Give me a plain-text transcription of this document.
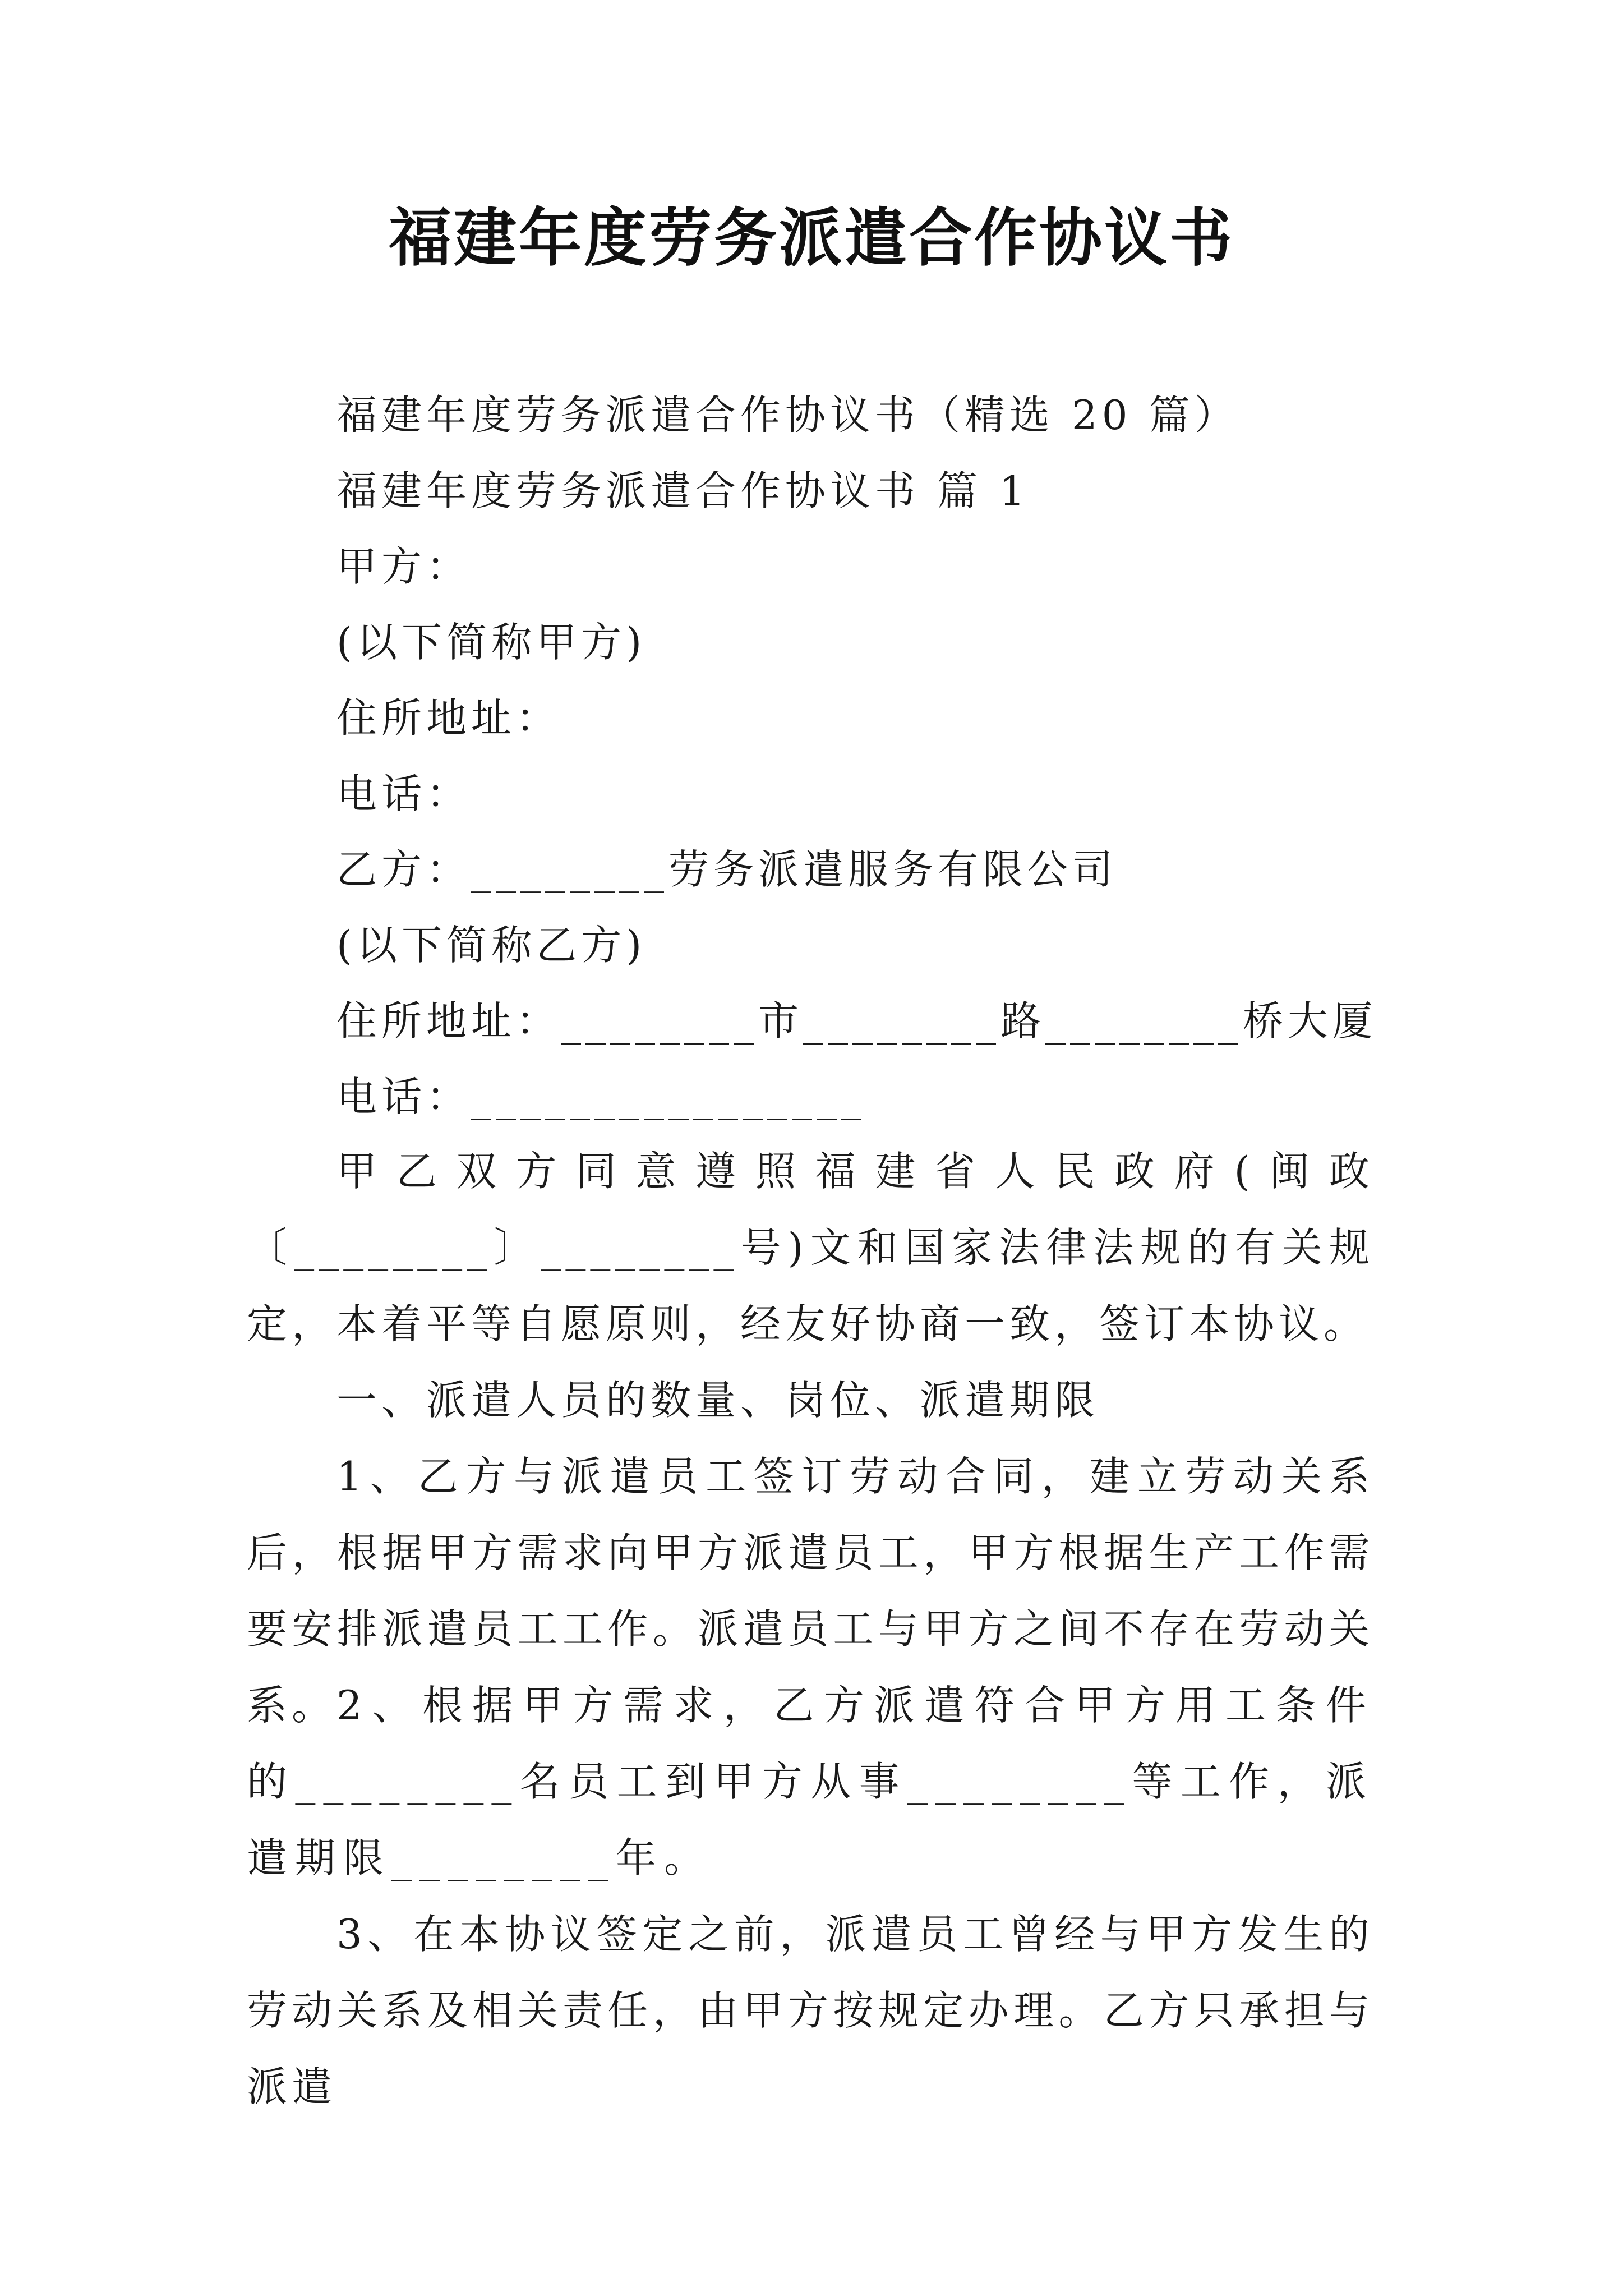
福建年度劳务派遣合作协议书
福建年度劳务派遣合作协议书（精选 20 篇）
福建年度劳务派遣合作协议书 篇 1
甲方：
(以下简称甲方)
住所地址：
电话：
乙方：________劳务派遣服务有限公司
(以下简称乙方)
住所地址：________市________路________桥大厦
电话：________________

甲乙双方同意遵照福建省人民政府(闽政〔________〕________号)文和国家法律法规的有关规定，本着平等自愿原则，经友好协商一致，签订本协议。

一、派遣人员的数量、岗位、派遣期限

1、乙方与派遣员工签订劳动合同，建立劳动关系后，根据甲方需求向甲方派遣员工，甲方根据生产工作需要安排派遣员工工作。派遣员工与甲方之间不存在劳动关系。 2、根据甲方需求，乙方派遣符合甲方用工条件的________名员工到甲方从事________等工作，派遣期限________年。

3、在本协议签定之前，派遣员工曾经与甲方发生的劳动关系及相关责任，由甲方按规定办理。乙方只承担与派遣
